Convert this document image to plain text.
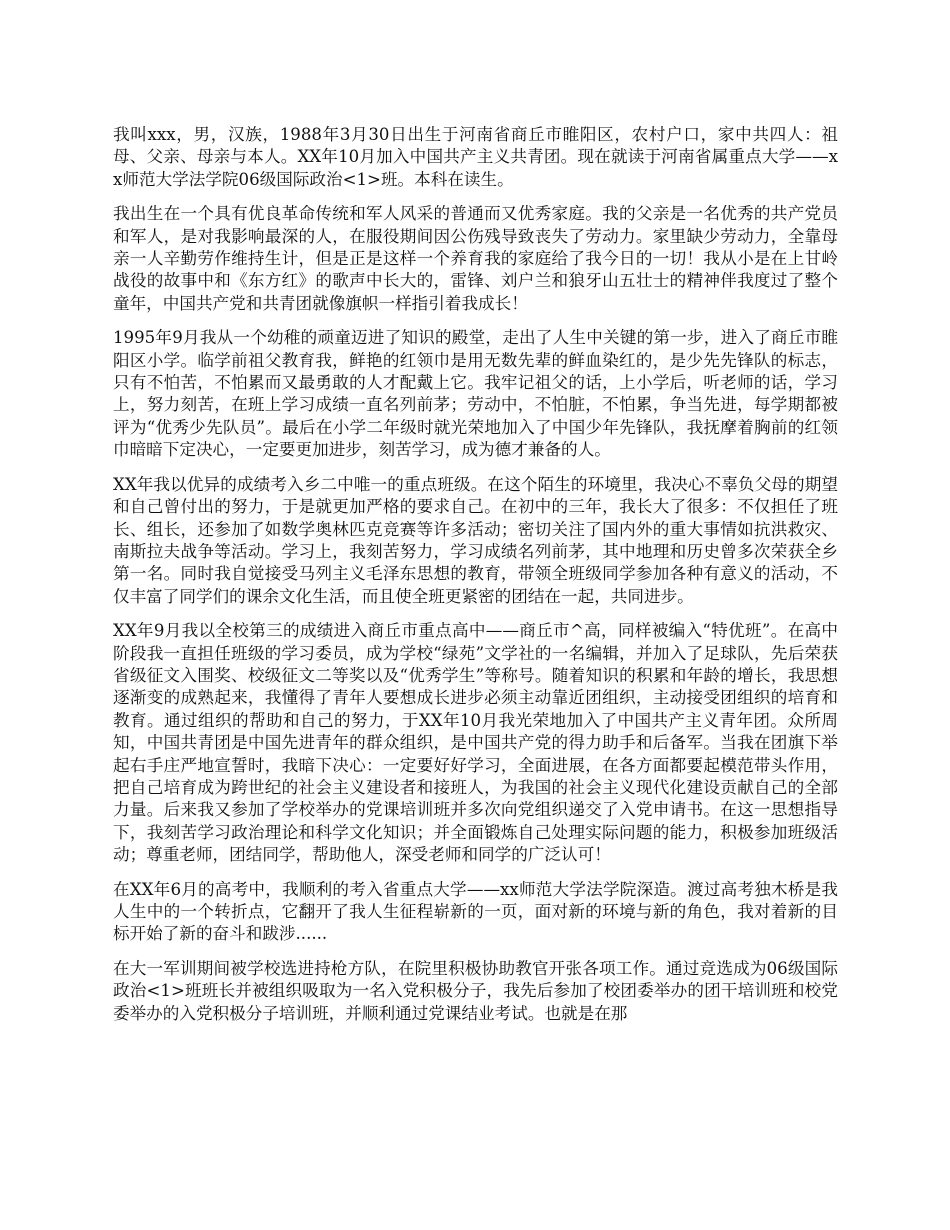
我叫xxx，男，汉族，1988年3月30日出生于河南省商丘市睢阳区，农村户口，家中共四人：祖母、父亲、母亲与本人。XX年10月加入中国共产主义共青团。现在就读于河南省属重点大学——xx师范大学法学院06级国际政治<1>班。本科在读生。

我出生在一个具有优良革命传统和军人风采的普通而又优秀家庭。我的父亲是一名优秀的共产党员和军人，是对我影响最深的人，在服役期间因公伤残导致丧失了劳动力。家里缺少劳动力，全靠母亲一人辛勤劳作维持生计，但是正是这样一个养育我的家庭给了我今日的一切！我从小是在上甘岭战役的故事中和《东方红》的歌声中长大的，雷锋、刘户兰和狼牙山五壮士的精神伴我度过了整个童年，中国共产党和共青团就像旗帜一样指引着我成长！

1995年9月我从一个幼稚的顽童迈进了知识的殿堂，走出了人生中关键的第一步，进入了商丘市睢阳区小学。临学前祖父教育我，鲜艳的红领巾是用无数先辈的鲜血染红的，是少先先锋队的标志，只有不怕苦，不怕累而又最勇敢的人才配戴上它。我牢记祖父的话，上小学后，听老师的话，学习上，努力刻苦，在班上学习成绩一直名列前茅；劳动中，不怕脏，不怕累，争当先进，每学期都被评为“优秀少先队员”。最后在小学二年级时就光荣地加入了中国少年先锋队，我抚摩着胸前的红领巾暗暗下定决心，一定要更加进步，刻苦学习，成为德才兼备的人。

XX年我以优异的成绩考入乡二中唯一的重点班级。在这个陌生的环境里，我决心不辜负父母的期望和自己曾付出的努力，于是就更加严格的要求自己。在初中的三年，我长大了很多：不仅担任了班长、组长，还参加了如数学奥林匹克竞赛等许多活动；密切关注了国内外的重大事情如抗洪救灾、南斯拉夫战争等活动。学习上，我刻苦努力，学习成绩名列前茅，其中地理和历史曾多次荣获全乡第一名。同时我自觉接受马列主义毛泽东思想的教育，带领全班级同学参加各种有意义的活动，不仅丰富了同学们的课余文化生活，而且使全班更紧密的团结在一起，共同进步。

XX年9月我以全校第三的成绩进入商丘市重点高中——商丘市^高，同样被编入“特优班”。在高中阶段我一直担任班级的学习委员，成为学校“绿苑”文学社的一名编辑，并加入了足球队，先后荣获省级征文入围奖、校级征文二等奖以及“优秀学生”等称号。随着知识的积累和年龄的增长，我思想逐渐变的成熟起来，我懂得了青年人要想成长进步必须主动靠近团组织，主动接受团组织的培育和教育。通过组织的帮助和自己的努力，于XX年10月我光荣地加入了中国共产主义青年团。众所周知，中国共青团是中国先进青年的群众组织，是中国共产党的得力助手和后备军。当我在团旗下举起右手庄严地宣誓时，我暗下决心：一定要好好学习，全面进展，在各方面都要起模范带头作用，把自己培育成为跨世纪的社会主义建设者和接班人，为我国的社会主义现代化建设贡献自己的全部力量。后来我又参加了学校举办的党课培训班并多次向党组织递交了入党申请书。在这一思想指导下，我刻苦学习政治理论和科学文化知识；并全面锻炼自己处理实际问题的能力，积极参加班级活动；尊重老师，团结同学，帮助他人，深受老师和同学的广泛认可！

在XX年6月的高考中，我顺利的考入省重点大学——xx师范大学法学院深造。渡过高考独木桥是我人生中的一个转折点，它翻开了我人生征程崭新的一页，面对新的环境与新的角色，我对着新的目标开始了新的奋斗和跋涉......

在大一军训期间被学校选进持枪方队，在院里积极协助教官开张各项工作。通过竞选成为06级国际政治<1>班班长并被组织吸取为一名入党积极分子，我先后参加了校团委举办的团干培训班和校党委举办的入党积极分子培训班，并顺利通过党课结业考试。也就是在那
